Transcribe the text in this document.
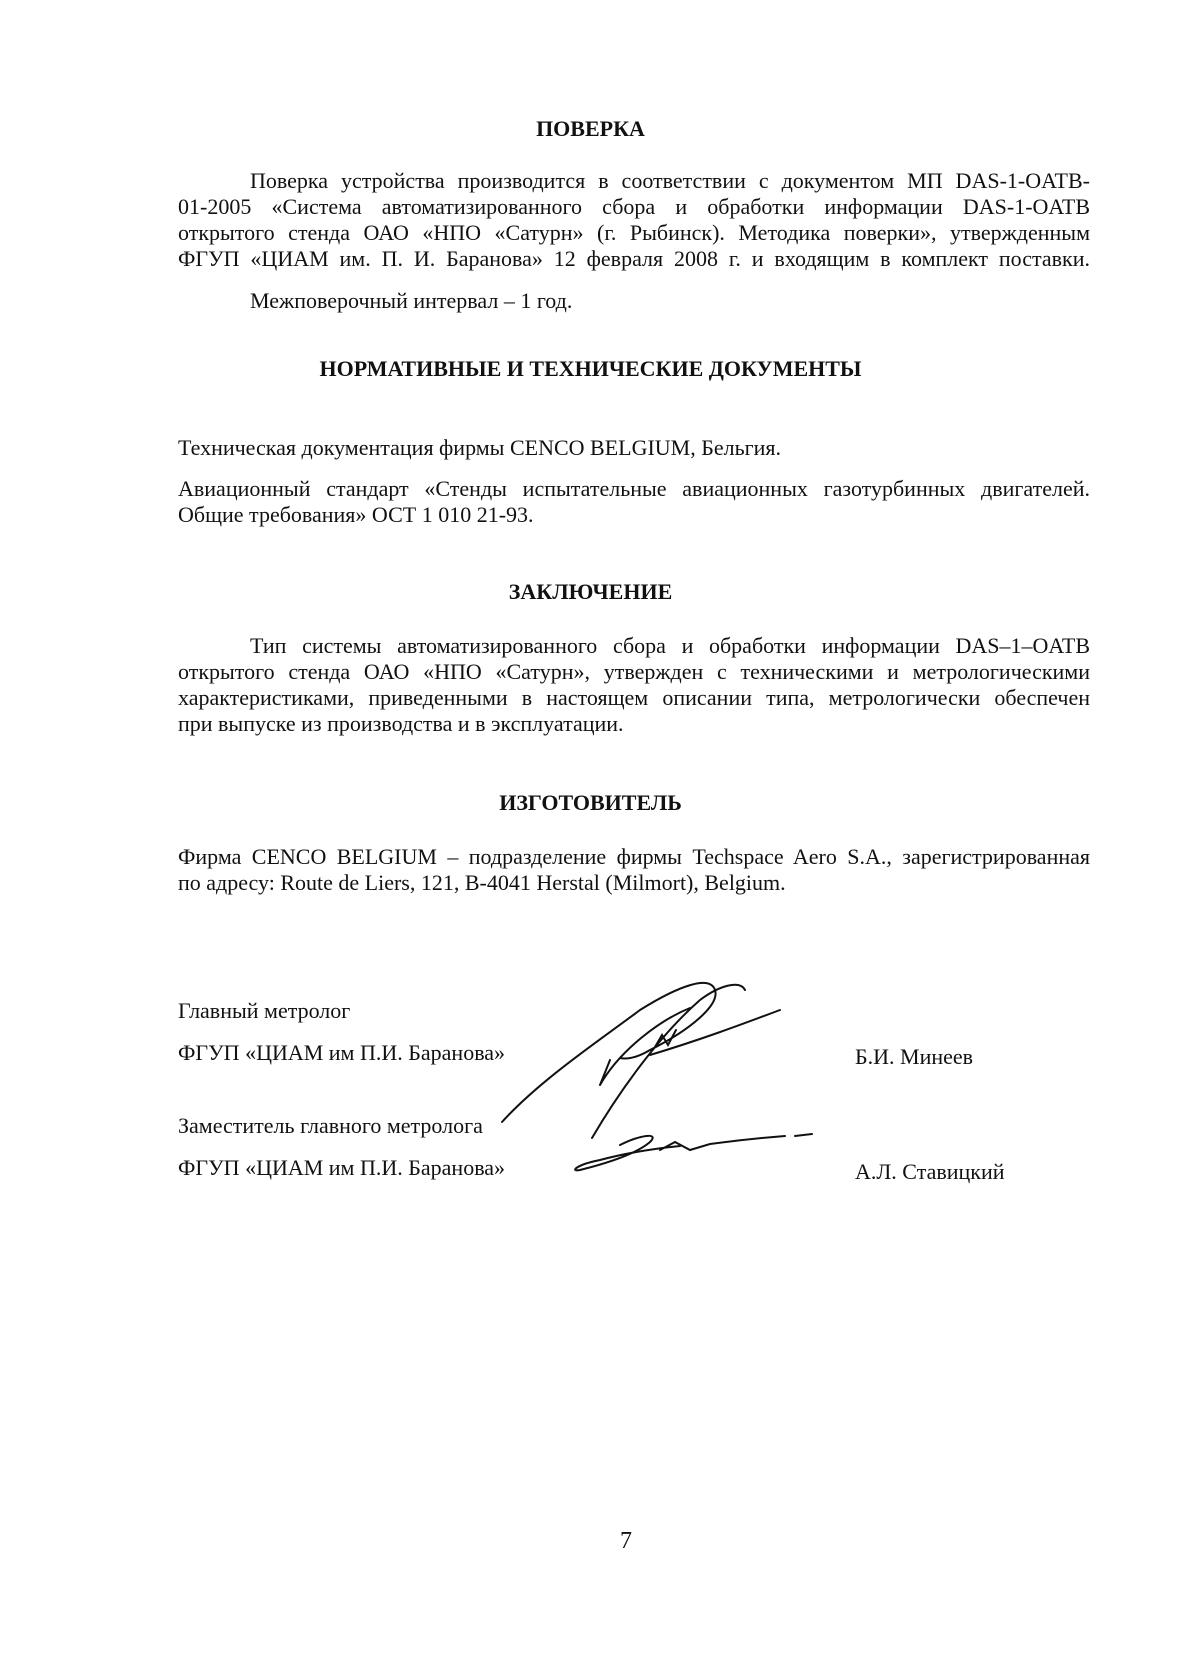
ПОВЕРКА
Поверка устройства производится в соответствии с документом МП DAS-1-OATB-
01-2005 «Система автоматизированного сбора и обработки информации DAS-1-OATB
открытого стенда ОАО «НПО «Сатурн» (г. Рыбинск). Методика поверки», утвержденным
ФГУП «ЦИАМ им. П. И. Баранова» 12 февраля 2008 г. и входящим в комплект поставки.
Межповерочный интервал – 1 год.
НОРМАТИВНЫЕ И ТЕХНИЧЕСКИЕ ДОКУМЕНТЫ
Техническая документация фирмы CENCO BELGIUM, Бельгия.
Авиационный стандарт «Стенды испытательные авиационных газотурбинных двигателей.
Общие требования» ОСТ 1 010 21-93.
ЗАКЛЮЧЕНИЕ
Тип системы автоматизированного сбора и обработки информации DAS–1–OATB
открытого стенда ОАО «НПО «Сатурн», утвержден с техническими и метрологическими
характеристиками, приведенными в настоящем описании типа, метрологически обеспечен
при выпуске из производства и в эксплуатации.
ИЗГОТОВИТЕЛЬ
Фирма CENCO BELGIUM – подразделение фирмы Techspace Aero S.A., зарегистрированная
по адресу: Route de Liers, 121, B-4041 Herstal (Milmort), Belgium.
Главный метролог
ФГУП «ЦИАМ им П.И. Баранова»	Б.И. Минеев
Заместитель главного метролога
ФГУП «ЦИАМ им П.И. Баранова»	А.Л. Ставицкий
7
